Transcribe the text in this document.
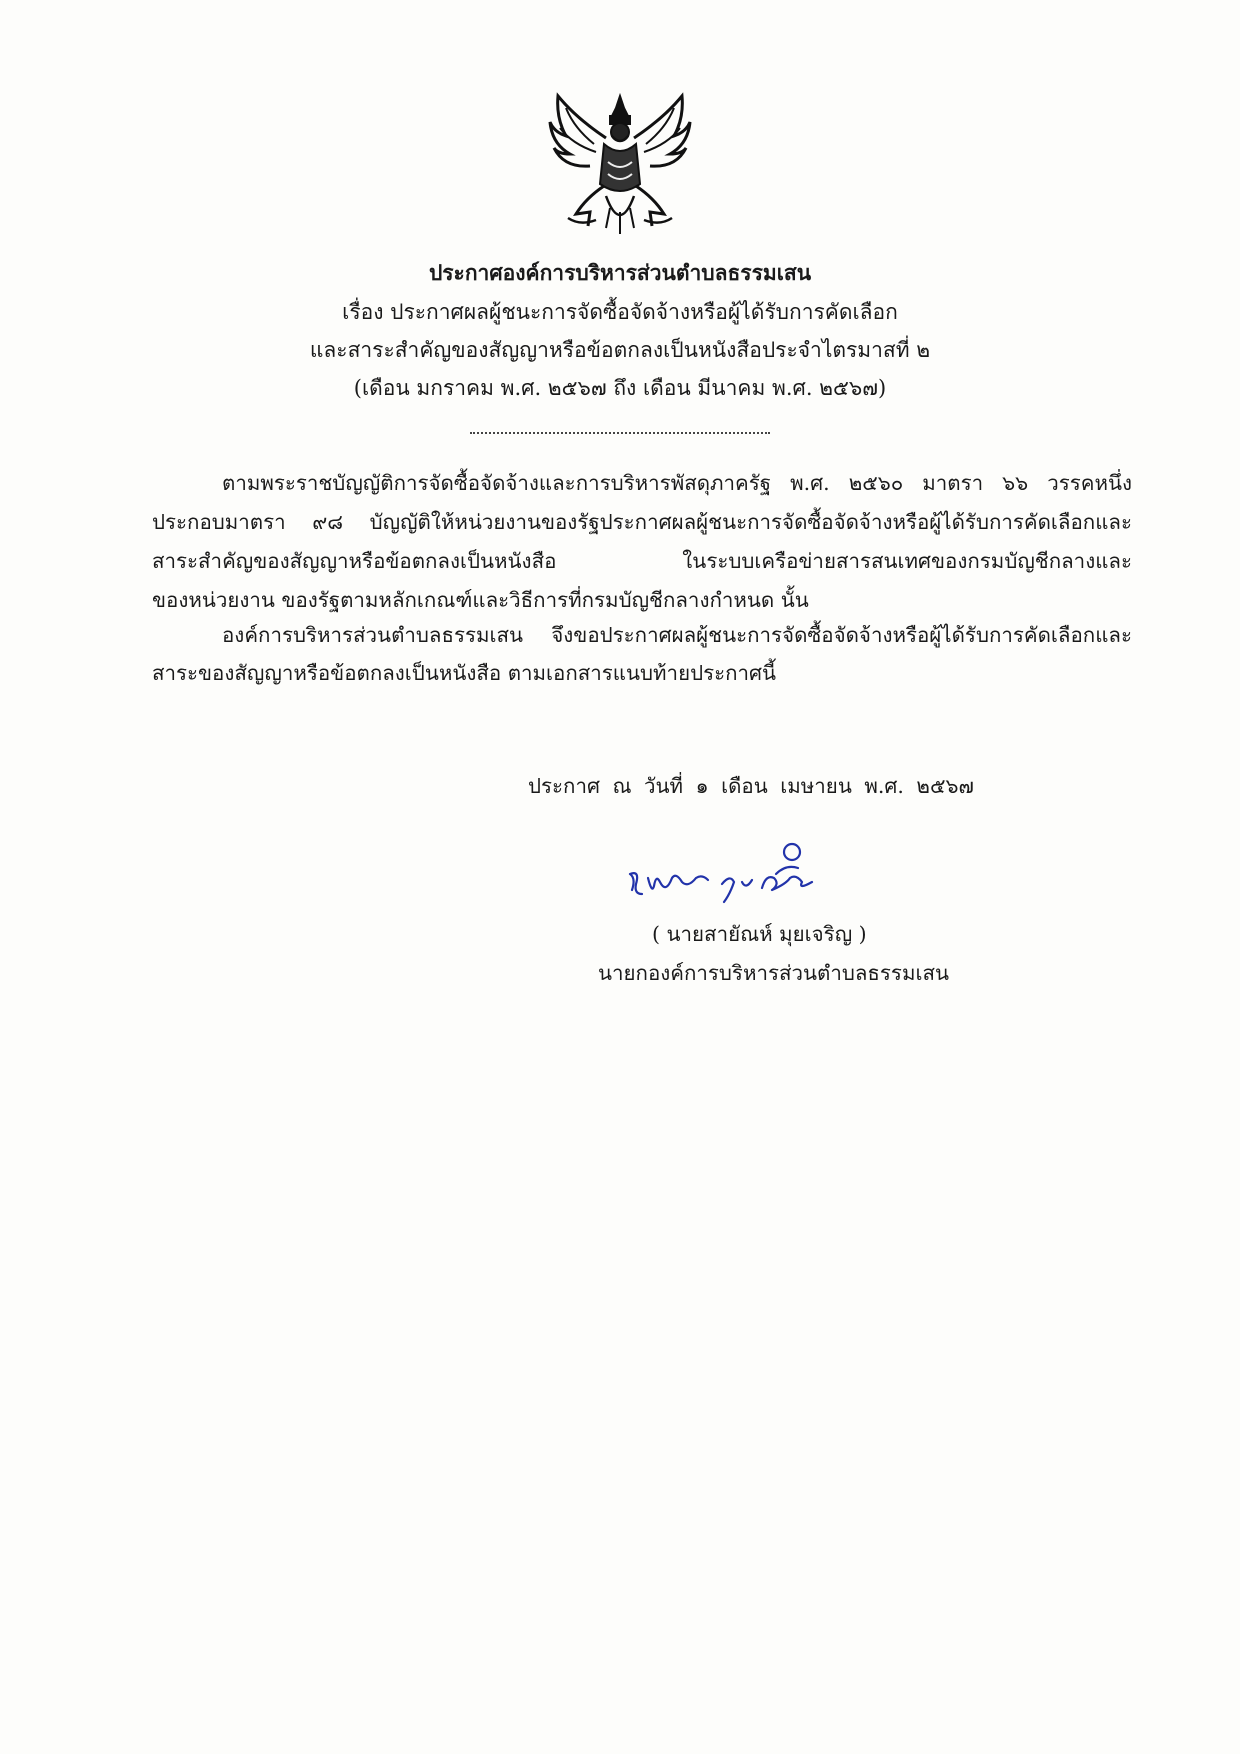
ประกาศองค์การบริหารส่วนตำบลธรรมเสน
เรื่อง ประกาศผลผู้ชนะการจัดซื้อจัดจ้างหรือผู้ได้รับการคัดเลือก
และสาระสำคัญของสัญญาหรือข้อตกลงเป็นหนังสือประจำไตรมาสที่ ๒
(เดือน มกราคม พ.ศ. ๒๕๖๗ ถึง เดือน มีนาคม พ.ศ. ๒๕๖๗)
ตามพระราชบัญญัติการจัดซื้อจัดจ้างและการบริหารพัสดุภาครัฐ พ.ศ. ๒๕๖๐ มาตรา ๖๖ วรรคหนึ่ง
ประกอบมาตรา ๙๘ บัญญัติให้หน่วยงานของรัฐประกาศผลผู้ชนะการจัดซื้อจัดจ้างหรือผู้ได้รับการคัดเลือกและ
สาระสำคัญของสัญญาหรือข้อตกลงเป็นหนังสือ ในระบบเครือข่ายสารสนเทศของกรมบัญชีกลางและ
ของหน่วยงาน ของรัฐตามหลักเกณฑ์และวิธีการที่กรมบัญชีกลางกำหนด นั้น
องค์การบริหารส่วนตำบลธรรมเสน จึงขอประกาศผลผู้ชนะการจัดซื้อจัดจ้างหรือผู้ได้รับการคัดเลือกและ
สาระของสัญญาหรือข้อตกลงเป็นหนังสือ ตามเอกสารแนบท้ายประกาศนี้
ประกาศ ณ วันที่ ๑ เดือน เมษายน พ.ศ. ๒๕๖๗
( นายสายัณห์ มุยเจริญ )
นายกองค์การบริหารส่วนตำบลธรรมเสน
